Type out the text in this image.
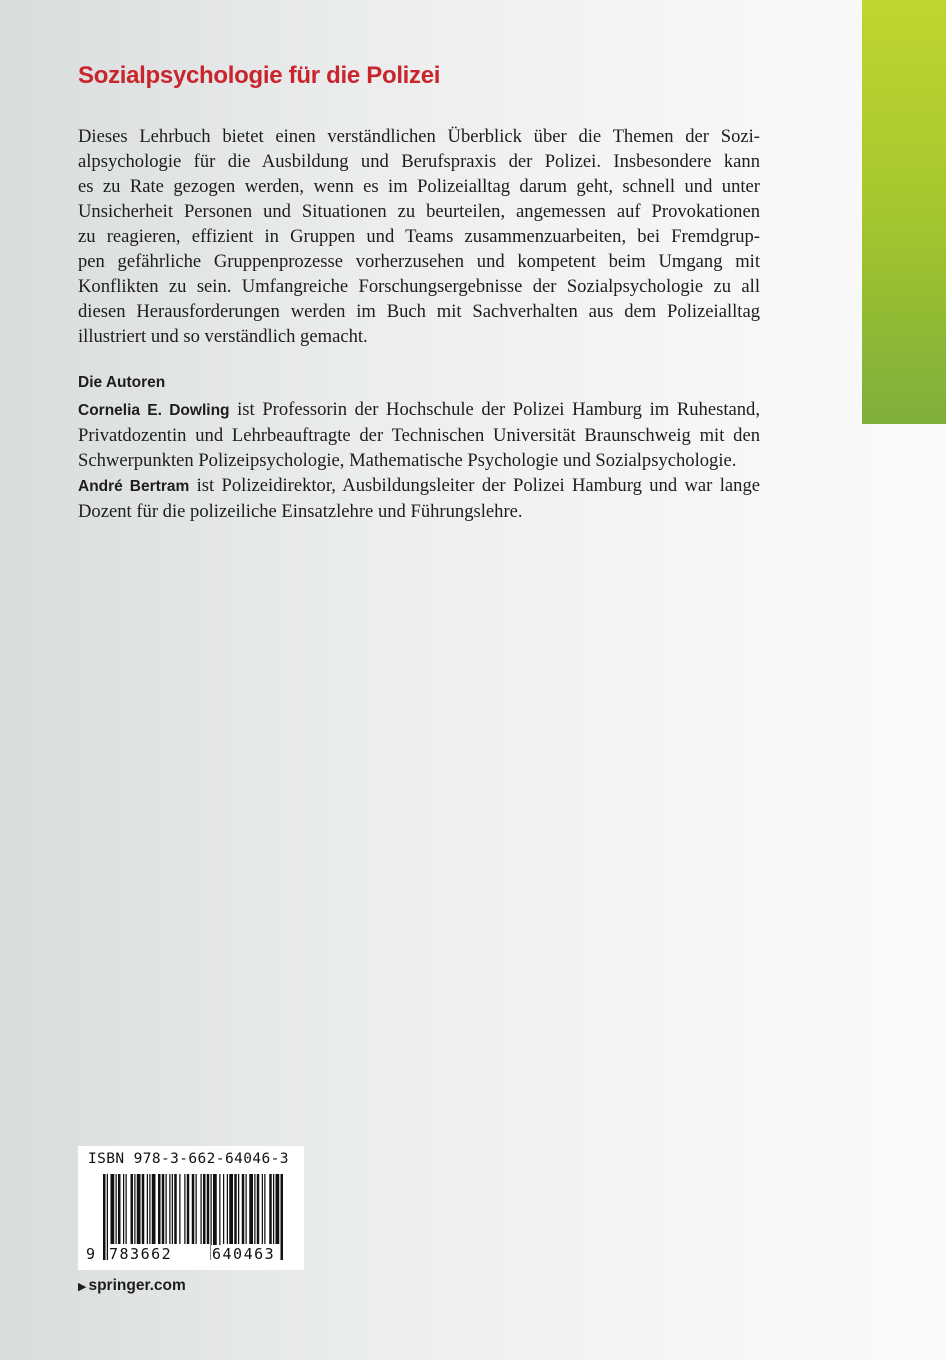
Sozialpsychologie für die Polizei

Dieses Lehrbuch bietet einen verständlichen Überblick über die Themen der Sozi-
alpsychologie für die Ausbildung und Berufspraxis der Polizei. Insbesondere kann
es zu Rate gezogen werden, wenn es im Polizeialltag darum geht, schnell und unter
Unsicherheit Personen und Situationen zu beurteilen, angemessen auf Provokationen
zu reagieren, effizient in Gruppen und Teams zusammenzuarbeiten, bei Fremdgrup-
pen gefährliche Gruppenprozesse vorherzusehen und kompetent beim Umgang mit
Konflikten zu sein. Umfangreiche Forschungsergebnisse der Sozialpsychologie zu all
diesen Herausforderungen werden im Buch mit Sachverhalten aus dem Polizeialltag
illustriert und so verständlich gemacht.

Die Autoren

Cornelia E. Dowling ist Professorin der Hochschule der Polizei Hamburg im Ruhestand,
Privatdozentin und Lehrbeauftragte der Technischen Universität Braunschweig mit den
Schwerpunkten Polizeipsychologie, Mathematische Psychologie und Sozialpsychologie.
André Bertram ist Polizeidirektor, Ausbildungsleiter der Polizei Hamburg und war lange
Dozent für die polizeiliche Einsatzlehre und Führungslehre.

ISBN 978-3-662-64046-3
9 783662	640463
▶ springer.com
